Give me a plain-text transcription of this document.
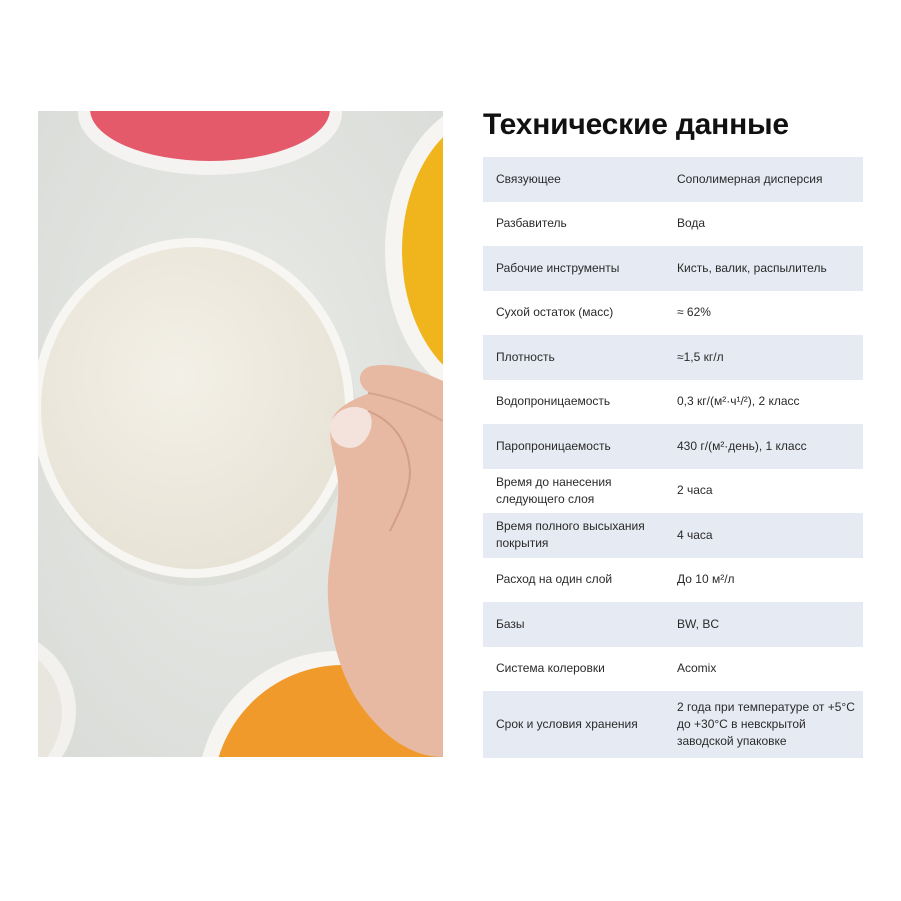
Технические данные
Связующее	Сополимерная дисперсия
Разбавитель	Вода
Рабочие инструменты	Кисть, валик, распылитель
Сухой остаток (масс)	≈ 62%
Плотность	≈1,5 кг/л
Водопроницаемость	0,3 кг/(м²·ч¹/²), 2 класс
Паропроницаемость	430 г/(м²·день), 1 класс
Время до нанесения следующего слоя	2 часа
Время полного высыхания покрытия	4 часа
Расход на один слой	До 10 м²/л
Базы	BW, BC
Система колеровки	Acomix
Срок и условия хранения	2 года при температуре от +5°C до +30°C в невскрытой заводской упаковке
